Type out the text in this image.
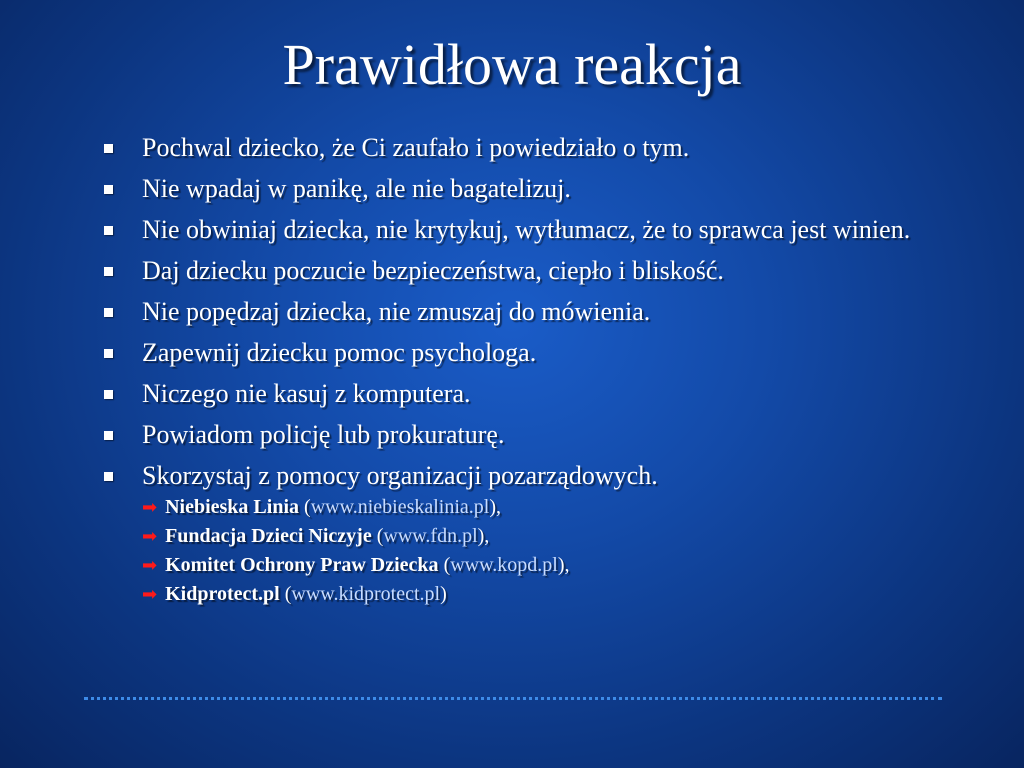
Prawidłowa reakcja
Pochwal dziecko, że Ci zaufało i powiedziało o tym.
Nie wpadaj w panikę, ale nie bagatelizuj.
Nie obwiniaj dziecka, nie krytykuj, wytłumacz, że to sprawca jest winien.
Daj dziecku poczucie bezpieczeństwa, ciepło i bliskość.
Nie popędzaj dziecka, nie zmuszaj do mówienia.
Zapewnij dziecku pomoc psychologa.
Niczego nie kasuj z komputera.
Powiadom policję lub prokuraturę.
Skorzystaj z pomocy organizacji pozarządowych.
➡ Niebieska Linia (www.niebieskalinia.pl),
➡ Fundacja Dzieci Niczyje (www.fdn.pl),
➡ Komitet Ochrony Praw Dziecka (www.kopd.pl),
➡ Kidprotect.pl (www.kidprotect.pl)
